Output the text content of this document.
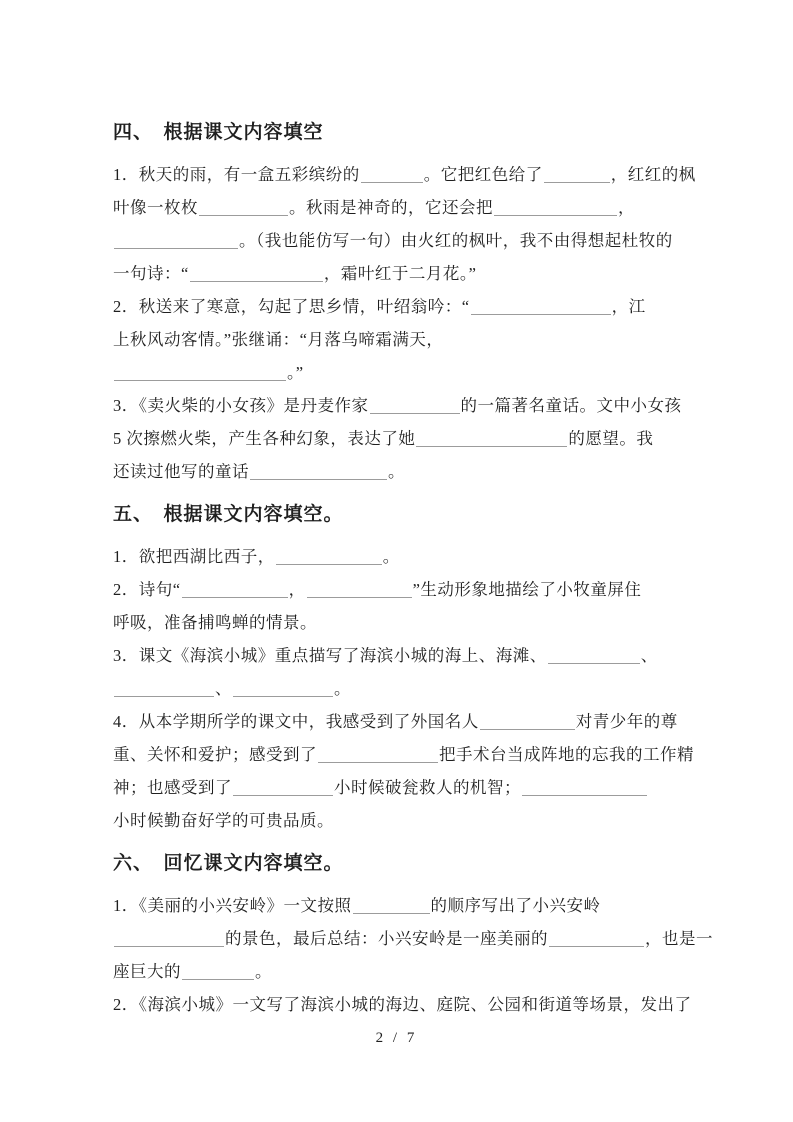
四、　根据课文内容填空
1．秋天的雨，有一盒五彩缤纷的	。它把红色给了	，红红的枫
叶像一枚枚	。秋雨是神奇的，它还会把	，
。（我也能仿写一句）由火红的枫叶，我不由得想起杜牧的
一句诗：“	，霜叶红于二月花。”
2．秋送来了寒意，勾起了思乡情，叶绍翁吟：“	，江
上秋风动客情。”张继诵：“月落乌啼霜满天，
。”
3．《卖火柴的小女孩》是丹麦作家	的一篇著名童话。文中小女孩
5 次擦燃火柴，产生各种幻象，表达了她	的愿望。我
还读过他写的童话	。
五、　根据课文内容填空。
1．欲把西湖比西子，	。
2．诗句“	，	”生动形象地描绘了小牧童屏住
呼吸，准备捕鸣蝉的情景。
3．课文《海滨小城》重点描写了海滨小城的海上、海滩、	、
、	。
4．从本学期所学的课文中，我感受到了外国名人	对青少年的尊
重、关怀和爱护；感受到了	把手术台当成阵地的忘我的工作精
神；也感受到了	小时候破瓮救人的机智；
小时候勤奋好学的可贵品质。
六、　回忆课文内容填空。
1．《美丽的小兴安岭》一文按照	的顺序写出了小兴安岭
的景色，最后总结：小兴安岭是一座美丽的	，也是一
座巨大的	。
2．《海滨小城》一文写了海滨小城的海边、庭院、公园和街道等场景，发出了
2 / 7
